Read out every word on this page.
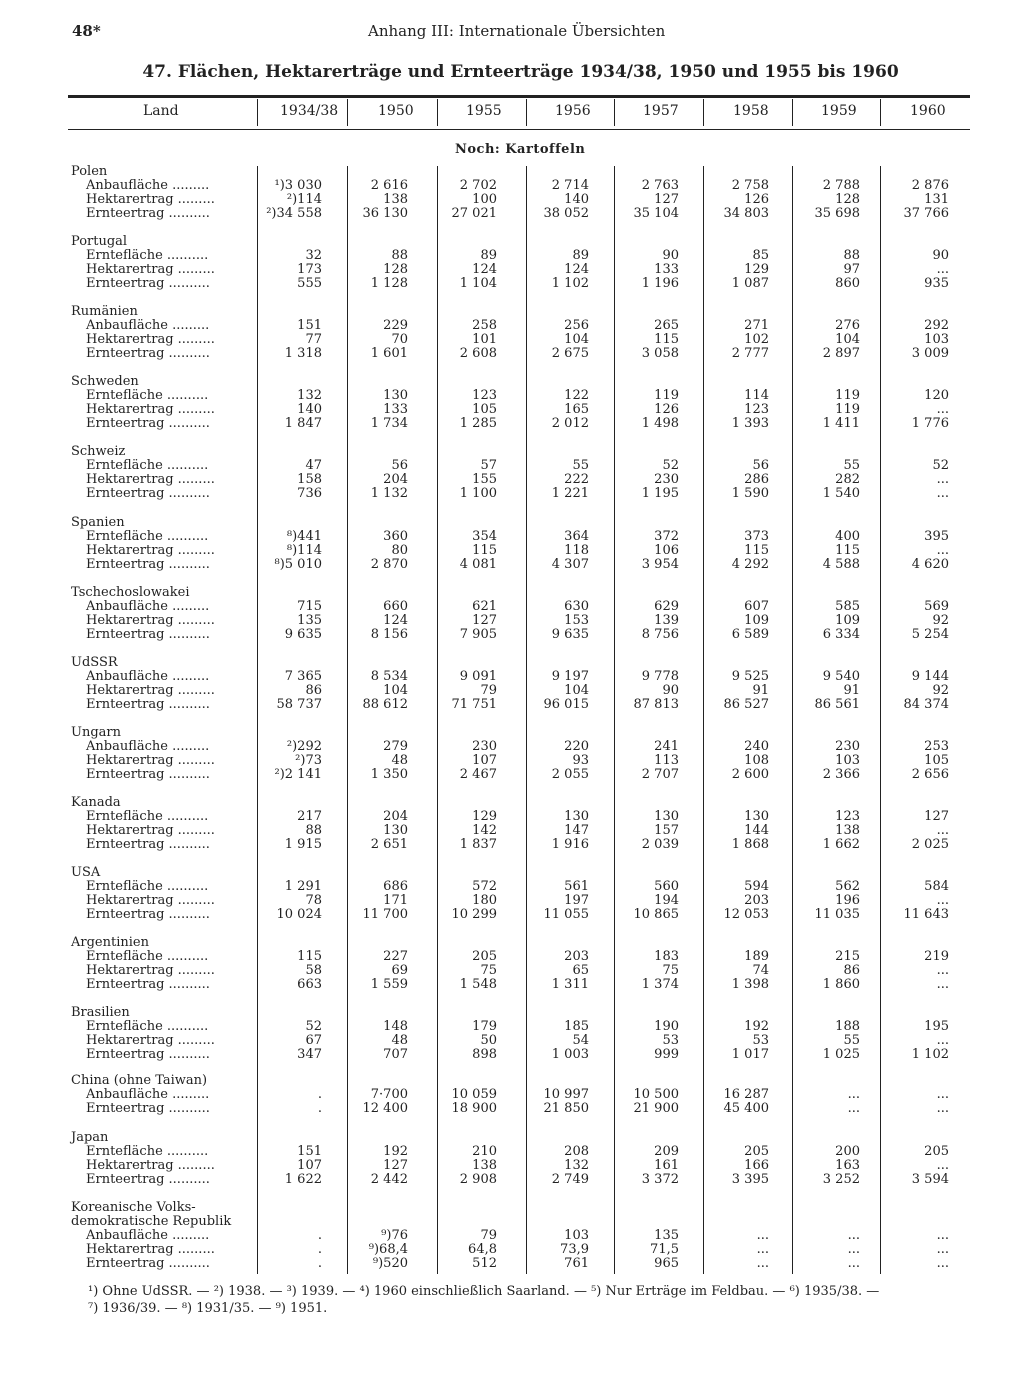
48*	Anhang III: Internationale Übersichten
47. Flächen, Hektarerträge und Ernteerträge 1934/38, 1950 und 1955 bis 1960
Land	1934/38	1950	1955	1956	1957	1958	1959	1960
Noch: Kartoffeln
Polen
Anbaufläche .........	¹)3 030	2 616	2 702	2 714	2 763	2 758	2 788	2 876
Hektarertrag .........	²)114	138	100	140	127	126	128	131
Ernteertrag ..........	²)34 558	36 130	27 021	38 052	35 104	34 803	35 698	37 766
Portugal
Erntefläche ..........	32	88	89	89	90	85	88	90
Hektarertrag .........	173	128	124	124	133	129	97	...
Ernteertrag ..........	555	1 128	1 104	1 102	1 196	1 087	860	935
Rumänien
Anbaufläche .........	151	229	258	256	265	271	276	292
Hektarertrag .........	77	70	101	104	115	102	104	103
Ernteertrag ..........	1 318	1 601	2 608	2 675	3 058	2 777	2 897	3 009
Schweden
Erntefläche ..........	132	130	123	122	119	114	119	120
Hektarertrag .........	140	133	105	165	126	123	119	...
Ernteertrag ..........	1 847	1 734	1 285	2 012	1 498	1 393	1 411	1 776
Schweiz
Erntefläche ..........	47	56	57	55	52	56	55	52
Hektarertrag .........	158	204	155	222	230	286	282	...
Ernteertrag ..........	736	1 132	1 100	1 221	1 195	1 590	1 540	...
Spanien
Erntefläche ..........	⁸)441	360	354	364	372	373	400	395
Hektarertrag .........	⁸)114	80	115	118	106	115	115	...
Ernteertrag ..........	⁸)5 010	2 870	4 081	4 307	3 954	4 292	4 588	4 620
Tschechoslowakei
Anbaufläche .........	715	660	621	630	629	607	585	569
Hektarertrag .........	135	124	127	153	139	109	109	92
Ernteertrag ..........	9 635	8 156	7 905	9 635	8 756	6 589	6 334	5 254
UdSSR
Anbaufläche .........	7 365	8 534	9 091	9 197	9 778	9 525	9 540	9 144
Hektarertrag .........	86	104	79	104	90	91	91	92
Ernteertrag ..........	58 737	88 612	71 751	96 015	87 813	86 527	86 561	84 374
Ungarn
Anbaufläche .........	²)292	279	230	220	241	240	230	253
Hektarertrag .........	²)73	48	107	93	113	108	103	105
Ernteertrag ..........	²)2 141	1 350	2 467	2 055	2 707	2 600	2 366	2 656
Kanada
Erntefläche ..........	217	204	129	130	130	130	123	127
Hektarertrag .........	88	130	142	147	157	144	138	...
Ernteertrag ..........	1 915	2 651	1 837	1 916	2 039	1 868	1 662	2 025
USA
Erntefläche ..........	1 291	686	572	561	560	594	562	584
Hektarertrag .........	78	171	180	197	194	203	196	...
Ernteertrag ..........	10 024	11 700	10 299	11 055	10 865	12 053	11 035	11 643
Argentinien
Erntefläche ..........	115	227	205	203	183	189	215	219
Hektarertrag .........	58	69	75	65	75	74	86	...
Ernteertrag ..........	663	1 559	1 548	1 311	1 374	1 398	1 860	...
Brasilien
Erntefläche ..........	52	148	179	185	190	192	188	195
Hektarertrag .........	67	48	50	54	53	53	55	...
Ernteertrag ..........	347	707	898	1 003	999	1 017	1 025	1 102
China (ohne Taiwan)
Anbaufläche .........	.	7·700	10 059	10 997	10 500	16 287	...	...
Ernteertrag ..........	.	12 400	18 900	21 850	21 900	45 400	...	...
Japan
Erntefläche ..........	151	192	210	208	209	205	200	205
Hektarertrag .........	107	127	138	132	161	166	163	...
Ernteertrag ..........	1 622	2 442	2 908	2 749	3 372	3 395	3 252	3 594
Koreanische Volks-
demokratische Republik
Anbaufläche .........	.	⁹)76	79	103	135	...	...	...
Hektarertrag .........	.	⁹)68,4	64,8	73,9	71,5	...	...	...
Ernteertrag ..........	.	⁹)520	512	761	965	...	...	...
¹) Ohne UdSSR. — ²) 1938. — ³) 1939. — ⁴) 1960 einschließlich Saarland. — ⁵) Nur Erträge im Feldbau. — ⁶) 1935/38. —
⁷) 1936/39. — ⁸) 1931/35. — ⁹) 1951.
